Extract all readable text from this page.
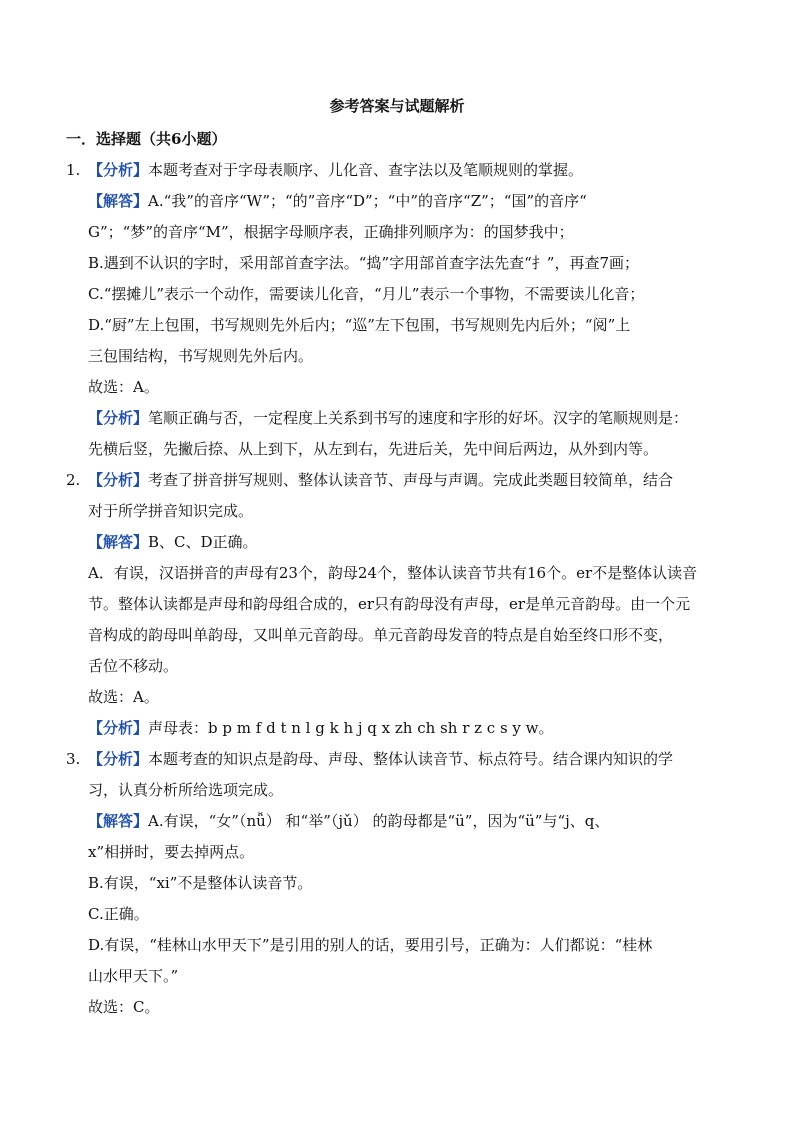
参考答案与试题解析
一．选择题（共6小题）
1. 【分析】本题考查对于字母表顺序、儿化音、查字法以及笔顺规则的掌握。
【解答】A.“我”的音序“W”；“的”音序“D”；“中”的音序“Z”；“国”的音序“
G”；“梦”的音序“M”，根据字母顺序表，正确排列顺序为：的国梦我中；
B.遇到不认识的字时，采用部首查字法。“捣”字用部首查字法先查“扌”，再查7画；
C.“摆摊儿”表示一个动作，需要读儿化音，“月儿”表示一个事物，不需要读儿化音；
D.“厨”左上包围，书写规则先外后内；“巡”左下包围，书写规则先内后外；“阅”上
三包围结构，书写规则先外后内。
故选：A。
【分析】笔顺正确与否，一定程度上关系到书写的速度和字形的好坏。汉字的笔顺规则是：
先横后竖，先撇后捺、从上到下，从左到右，先进后关，先中间后两边，从外到内等。
2. 【分析】考查了拼音拼写规则、整体认读音节、声母与声调。完成此类题目较简单，结合
对于所学拼音知识完成。
【解答】B、C、D正确。
A．有误，汉语拼音的声母有23个，韵母24个，整体认读音节共有16个。er不是整体认读音
节。整体认读都是声母和韵母组合成的，er只有韵母没有声母，er是单元音韵母。由一个元
音构成的韵母叫单韵母，又叫单元音韵母。单元音韵母发音的特点是自始至终口形不变，
舌位不移动。
故选：A。
【分析】声母表：b p m f d t n l g k h j q x zh ch sh r z c s y w。
3. 【分析】本题考查的知识点是韵母、声母、整体认读音节、标点符号。结合课内知识的学
习，认真分析所给选项完成。
【解答】A.有误，“女”（nǚ） 和“举”（jǔ） 的韵母都是“ü”，因为“ü”与“j、q、
x”相拼时，要去掉两点。
B.有误，“xi”不是整体认读音节。
C.正确。
D.有误，“桂林山水甲天下”是引用的别人的话，要用引号，正确为：人们都说：“桂林
山水甲天下。”
故选：C。
